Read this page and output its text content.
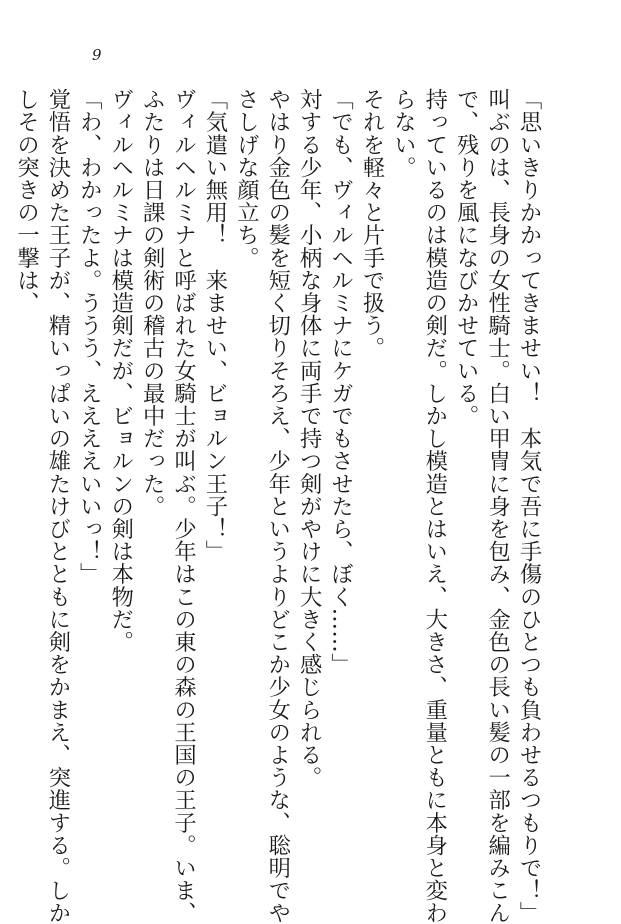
9
「思いきりかかってきませい！　本気で吾に手傷のひとつも負わせるつもりで！」
叫ぶのは、長身の女性騎士。白い甲冑に身を包み、金色の長い髪の一部を編みこん
で、残りを風になびかせている。
持っているのは模造の剣だ。しかし模造とはいえ、大きさ、重量ともに本身と変わ
らない。
それを軽々と片手で扱う。
「でも、ヴィルヘルミナにケガでもさせたら、ぼく……」
対する少年、小柄な身体に両手で持つ剣がやけに大きく感じられる。
やはり金色の髪を短く切りそろえ、少年というよりどこか少女のような、聡明でや
さしげな顔立ち。
「気遣い無用！　来ませい、ビョルン王子！」
ヴィルヘルミナと呼ばれた女騎士が叫ぶ。少年はこの東の森の王国の王子。いま、
ふたりは日課の剣術の稽古の最中だった。
ヴィルヘルミナは模造剣だが、ビョルンの剣は本物だ。
「わ、わかったよ。ううう、ええええいいっ！」
覚悟を決めた王子が、精いっぱいの雄たけびとともに剣をかまえ、突進する。しか
しその突きの一撃は、
